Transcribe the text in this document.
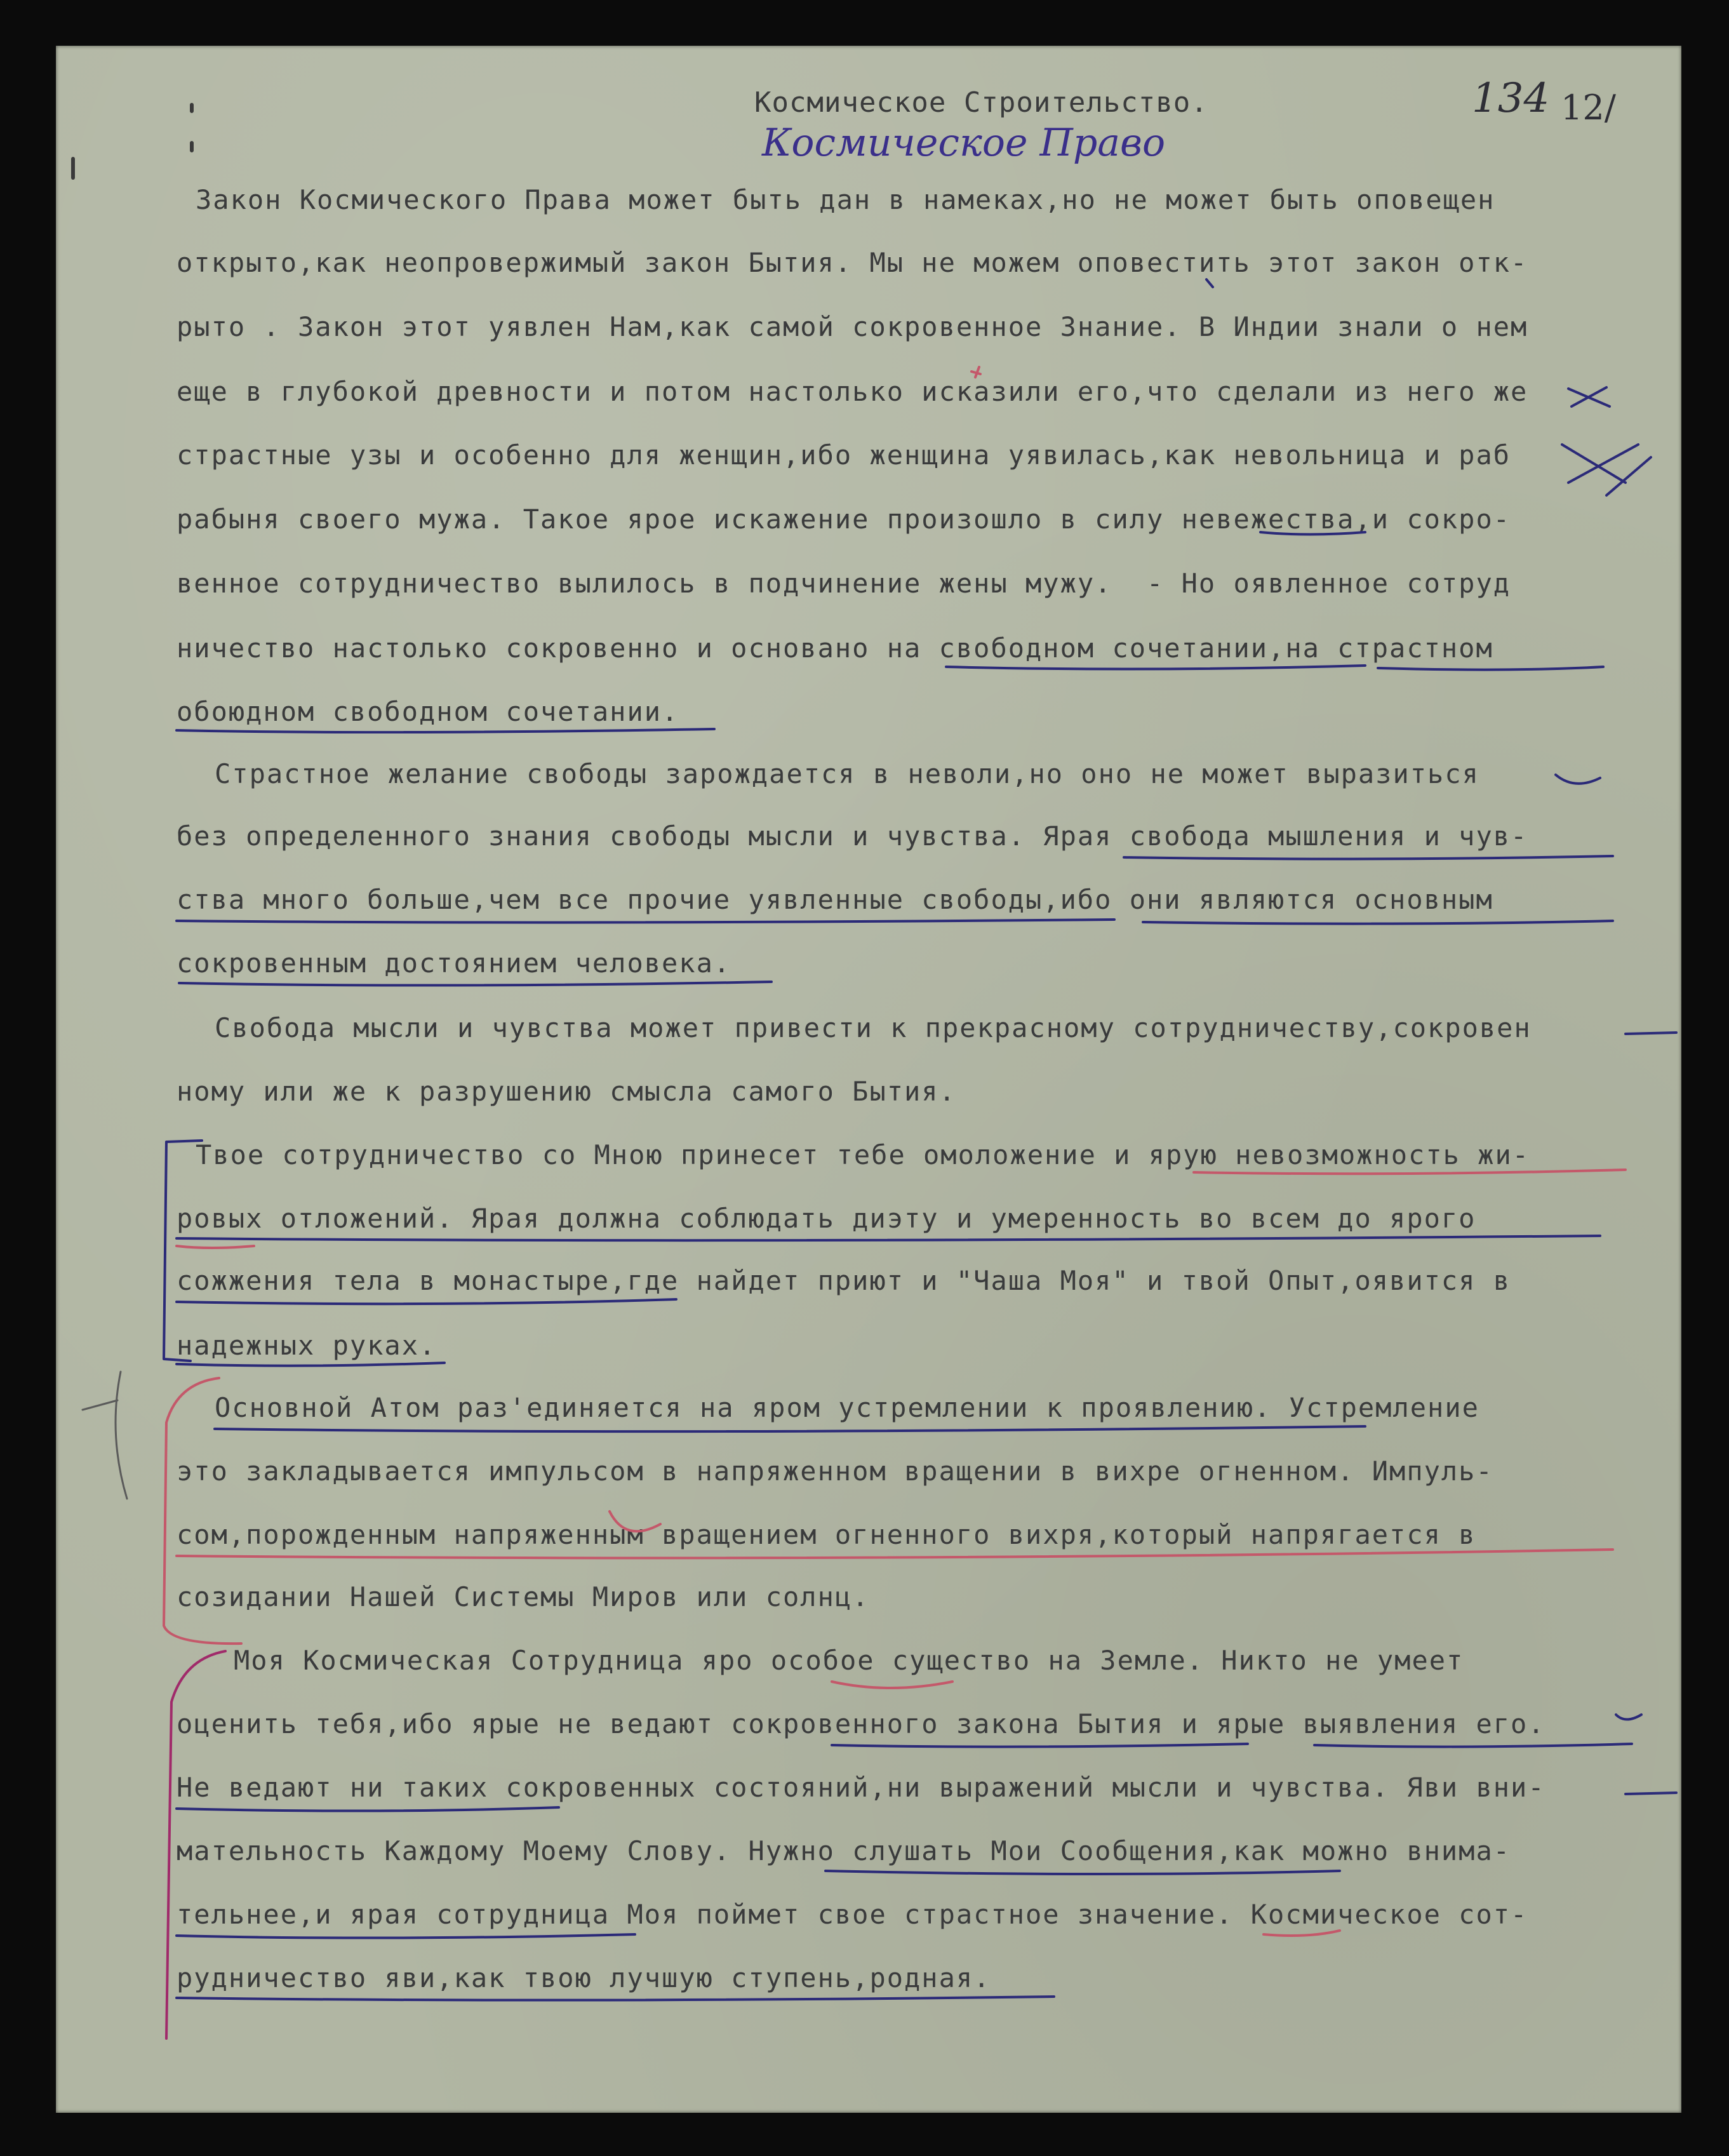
Космическое Строительство.
Космическое Право
134 12/
Закон Космического Права может быть дан в намеках,но не может быть оповещен
открыто,как неопровержимый закон Бытия. Мы не можем оповестить этот закон отк-
рыто . Закон этот уявлен Нам,как самой сокровенное Знание. В Индии знали о нем
еще в глубокой древности и потом настолько исказили его,что сделали из него же
страстные узы и особенно для женщин,ибо женщина уявилась,как невольница и раб
рабыня своего мужа. Такое ярое искажение произошло в силу невежества,и сокро-
венное сотрудничество вылилось в подчинение жены мужу.  - Но оявленное сотруд
ничество настолько сокровенно и основано на свободном сочетании,на страстном
обоюдном свободном сочетании.
Страстное желание свободы зарождается в неволи,но оно не может выразиться
без определенного знания свободы мысли и чувства. Ярая свобода мышления и чув-
ства много больше,чем все прочие уявленные свободы,ибо они являются основным
сокровенным достоянием человека.
Свобода мысли и чувства может привести к прекрасному сотрудничеству,сокровен
ному или же к разрушению смысла самого Бытия.
Твое сотрудничество со Мною принесет тебе омоложение и ярую невозможность жи-
ровых отложений. Ярая должна соблюдать диэту и умеренность во всем до ярого
сожжения тела в монастыре,где найдет приют и "Чаша Моя" и твой Опыт,оявится в
надежных руках.
Основной Атом раз'единяется на яром устремлении к проявлению. Устремление
это закладывается импульсом в напряженном вращении в вихре огненном. Импуль-
сом,порожденным напряженным вращением огненного вихря,который напрягается в
созидании Нашей Системы Миров или солнц.
Моя Космическая Сотрудница яро особое существо на Земле. Никто не умеет
оценить тебя,ибо ярые не ведают сокровенного закона Бытия и ярые выявления его.
Не ведают ни таких сокровенных состояний,ни выражений мысли и чувства. Яви вни-
мательность Каждому Моему Слову. Нужно слушать Мои Сообщения,как можно внима-
тельнее,и ярая сотрудница Моя поймет свое страстное значение. Космическое сот-
рудничество яви,как твою лучшую ступень,родная.
